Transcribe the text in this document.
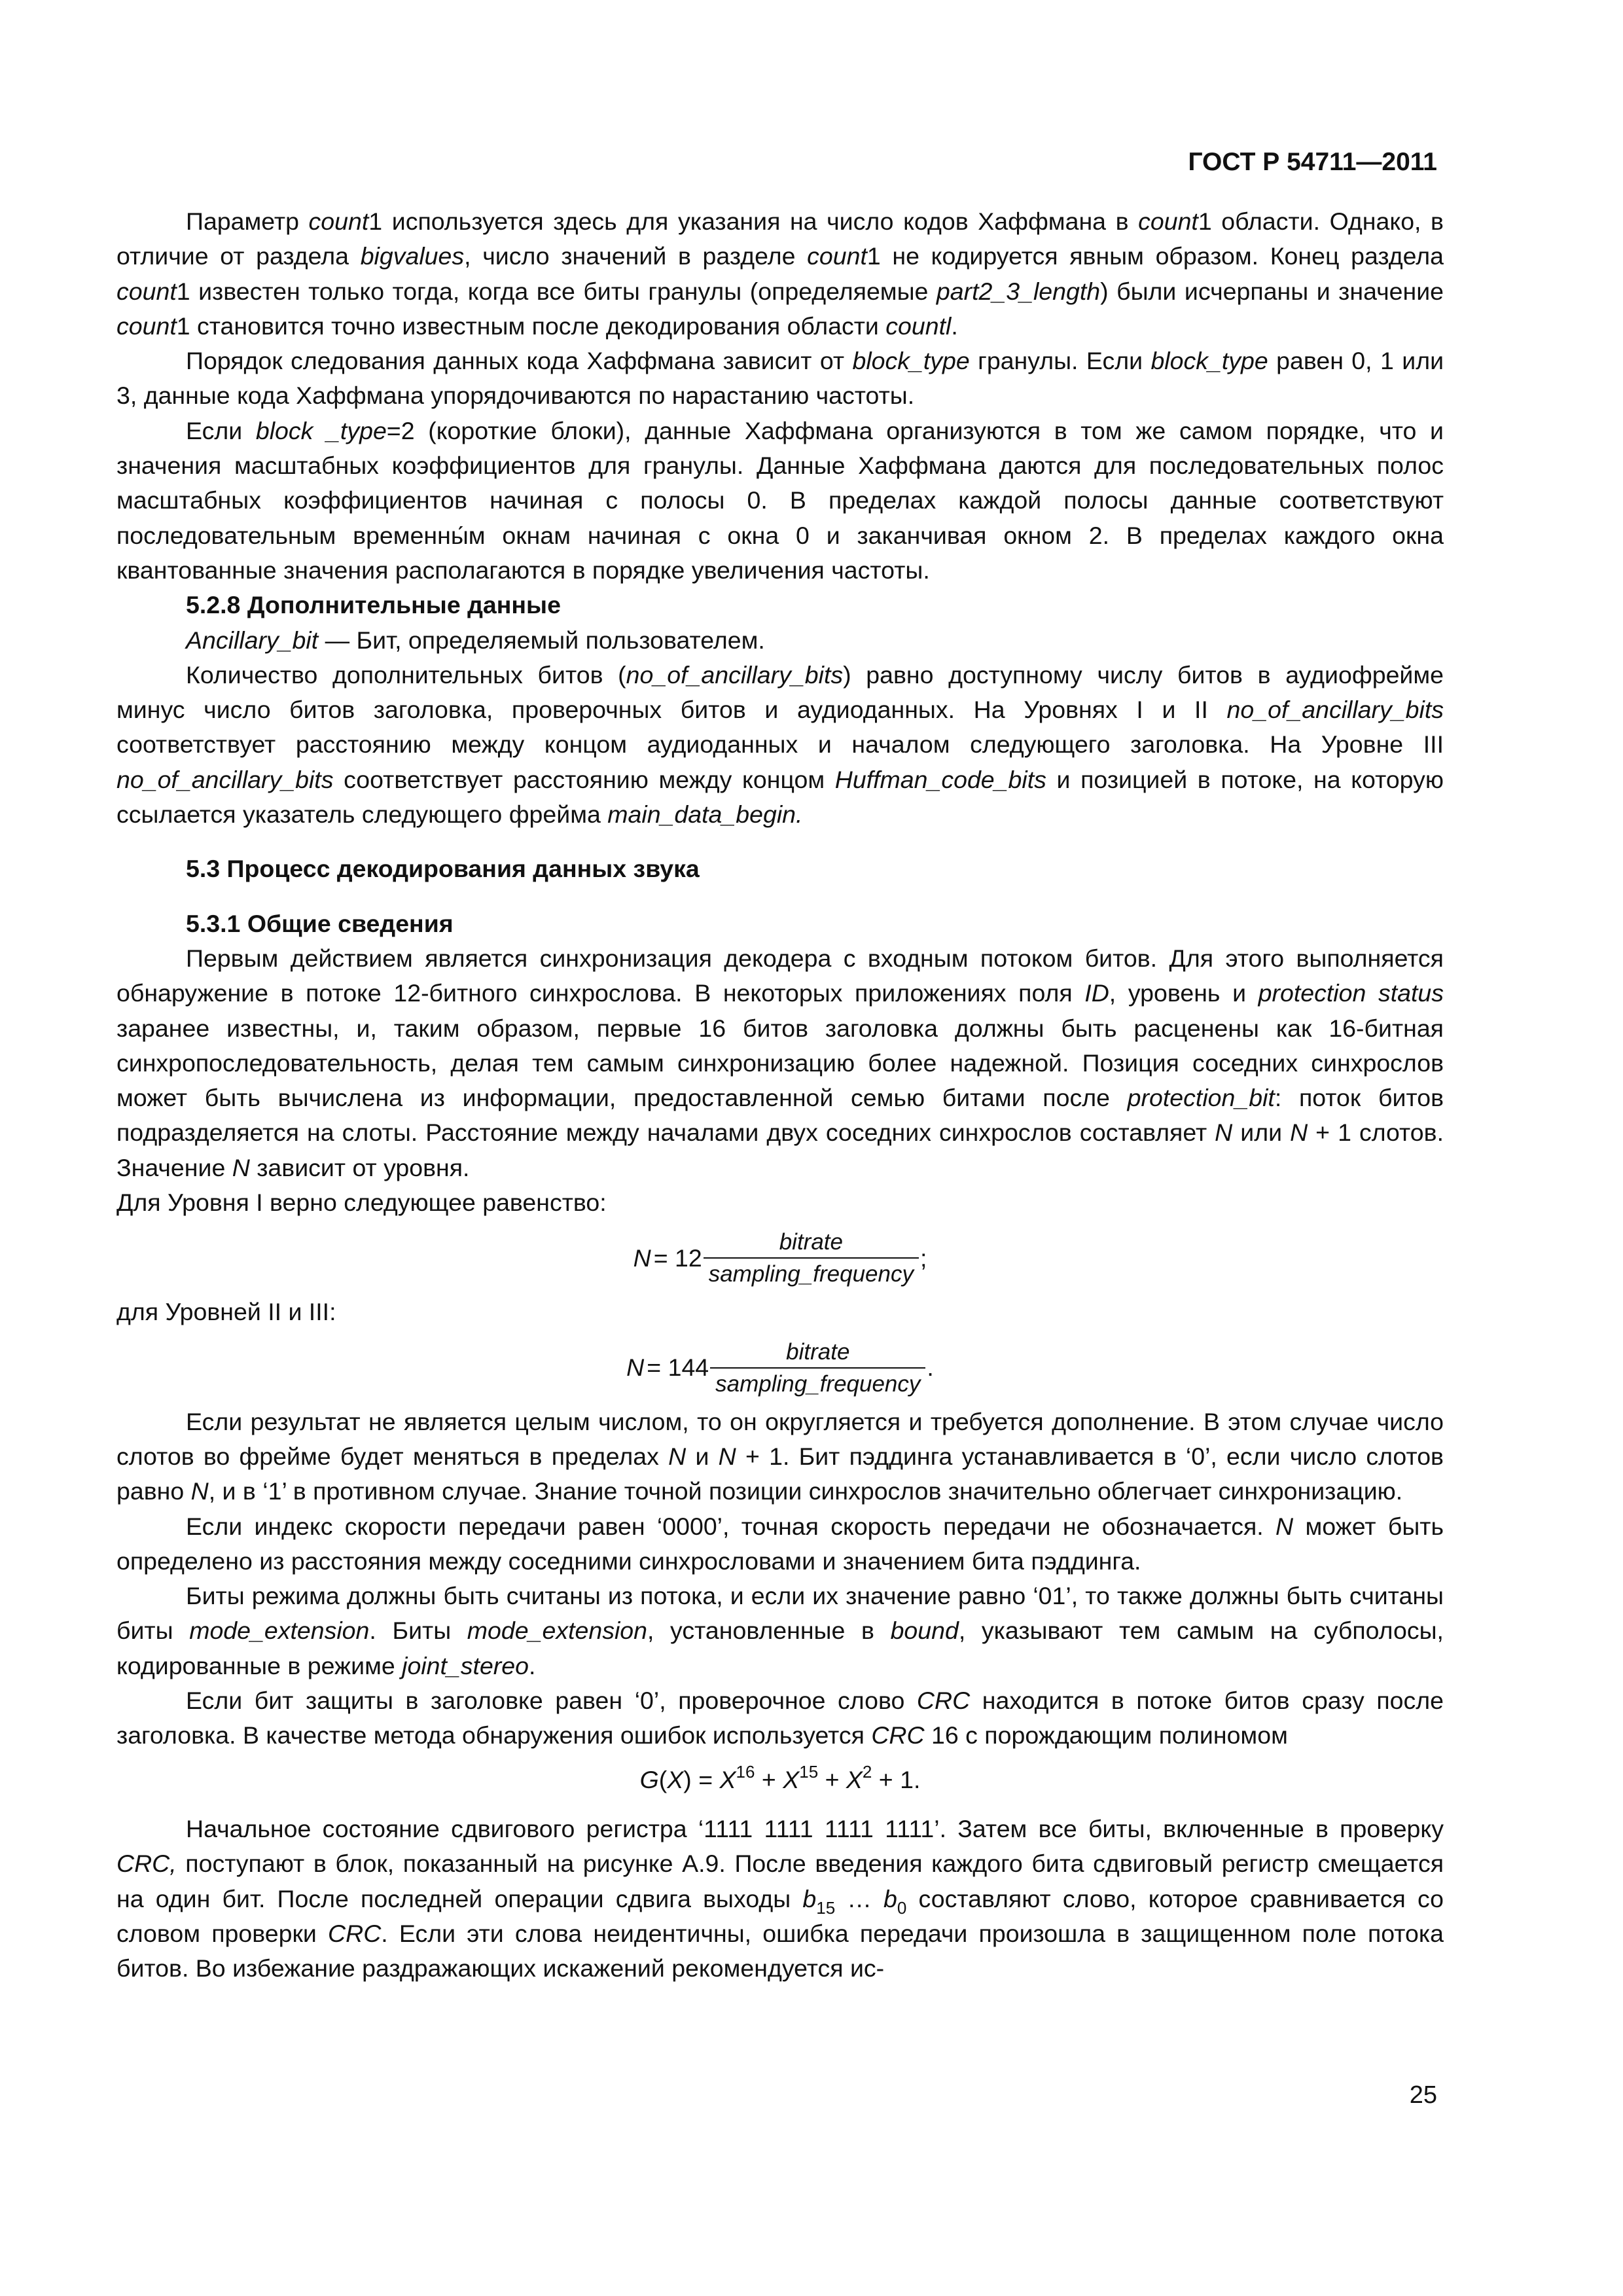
ГОСТ Р 54711—2011

Параметр count1 используется здесь для указания на число кодов Хаффмана в count1 области. Однако, в отличие от раздела bigvalues, число значений в разделе count1 не кодируется явным образом. Конец раздела count1 известен только тогда, когда все биты гранулы (определяемые part2_3_length) были исчерпаны и значение count1 становится точно известным после декодирования области countl.

Порядок следования данных кода Хаффмана зависит от block_type гранулы. Если block_type равен 0, 1 или 3, данные кода Хаффмана упорядочиваются по нарастанию частоты.

Если block _type=2 (короткие блоки), данные Хаффмана организуются в том же самом порядке, что и значения масштабных коэффициентов для гранулы. Данные Хаффмана даются для последовательных полос масштабных коэффициентов начиная с полосы 0. В пределах каждой полосы данные соответствуют последовательным временны́м окнам начиная с окна 0 и заканчивая окном 2. В пределах каждого окна квантованные значения располагаются в порядке увеличения частоты.

5.2.8 Дополнительные данные

Ancillary_bit — Бит, определяемый пользователем.

Количество дополнительных битов (no_of_ancillary_bits) равно доступному числу битов в аудиофрейме минус число битов заголовка, проверочных битов и аудиоданных. На Уровнях I и II no_of_ancillary_bits соответствует расстоянию между концом аудиоданных и началом следующего заголовка. На Уровне III no_of_ancillary_bits соответствует расстоянию между концом Huffman_code_bits и позицией в потоке, на которую ссылается указатель следующего фрейма main_data_begin.

5.3 Процесс декодирования данных звука

5.3.1 Общие сведения

Первым действием является синхронизация декодера с входным потоком битов. Для этого выполняется обнаружение в потоке 12-битного синхрослова. В некоторых приложениях поля ID, уровень и protection status заранее известны, и, таким образом, первые 16 битов заголовка должны быть расценены как 16-битная синхропоследовательность, делая тем самым синхронизацию более надежной. Позиция соседних синхрослов может быть вычислена из информации, предоставленной семью битами после protection_bit: поток битов подразделяется на слоты. Расстояние между началами двух соседних синхрослов составляет N или N + 1 слотов. Значение N зависит от уровня.

Для Уровня I верно следующее равенство:

$N = 12 \frac{\text{bitrate}}{\text{sampling\_frequency}}$ ;

для Уровней II и III:

$N = 144 \frac{\text{bitrate}}{\text{sampling\_frequency}}$ .

Если результат не является целым числом, то он округляется и требуется дополнение. В этом случае число слотов во фрейме будет меняться в пределах N и N + 1. Бит пэддинга устанавливается в ‘0’, если число слотов равно N, и в ‘1’ в противном случае. Знание точной позиции синхрослов значительно облегчает синхронизацию.

Если индекс скорости передачи равен ‘0000’, точная скорость передачи не обозначается. N может быть определено из расстояния между соседними синхрословами и значением бита пэддинга.

Биты режима должны быть считаны из потока, и если их значение равно ‘01’, то также должны быть считаны биты mode_extension. Биты mode_extension, установленные в bound, указывают тем самым на субполосы, кодированные в режиме joint_stereo.

Если бит защиты в заголовке равен ‘0’, проверочное слово CRC находится в потоке битов сразу после заголовка. В качестве метода обнаружения ошибок используется CRC 16 с порождающим полиномом

$G(X) = X^{16} + X^{15} + X^2 + 1$.

Начальное состояние сдвигового регистра ‘1111 1111 1111 1111’. Затем все биты, включенные в проверку CRC, поступают в блок, показанный на рисунке А.9. После введения каждого бита сдвиговый регистр смещается на один бит. После последней операции сдвига выходы $b_{15}$ … $b_0$ составляют слово, которое сравнивается со словом проверки CRC. Если эти слова неидентичны, ошибка передачи произошла в защищенном поле потока битов. Во избежание раздражающих искажений рекомендуется ис-

25
